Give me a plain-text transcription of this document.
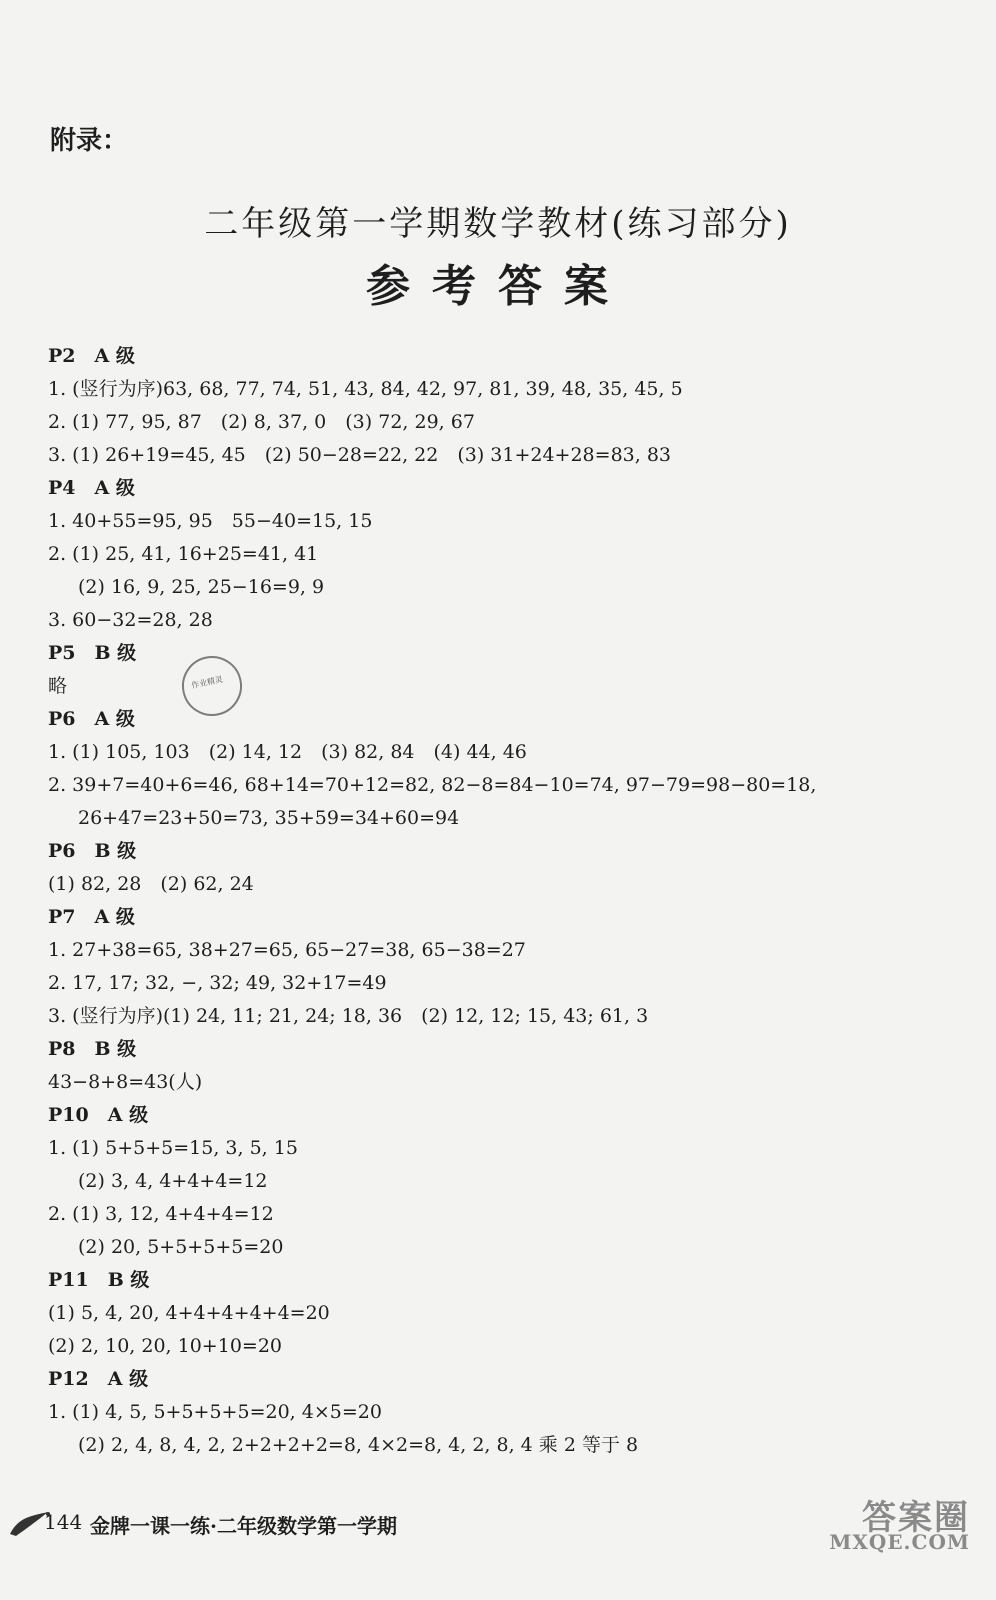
附录：
二年级第一学期数学教材(练习部分)
参考答案
P2　A 级
1. (竖行为序)63, 68, 77, 74, 51, 43, 84, 42, 97, 81, 39, 48, 35, 45, 5
2. (1) 77, 95, 87　(2) 8, 37, 0　(3) 72, 29, 67
3. (1) 26+19=45, 45　(2) 50−28=22, 22　(3) 31+24+28=83, 83
P4　A 级
1. 40+55=95, 95　55−40=15, 15
2. (1) 25, 41, 16+25=41, 41
(2) 16, 9, 25, 25−16=9, 9
3. 60−32=28, 28
P5　B 级
略
P6　A 级
1. (1) 105, 103　(2) 14, 12　(3) 82, 84　(4) 44, 46
2. 39+7=40+6=46, 68+14=70+12=82, 82−8=84−10=74, 97−79=98−80=18,
26+47=23+50=73, 35+59=34+60=94
P6　B 级
(1) 82, 28　(2) 62, 24
P7　A 级
1. 27+38=65, 38+27=65, 65−27=38, 65−38=27
2. 17, 17; 32, −, 32; 49, 32+17=49
3. (竖行为序)(1) 24, 11; 21, 24; 18, 36　(2) 12, 12; 15, 43; 61, 3
P8　B 级
43−8+8=43(人)
P10　A 级
1. (1) 5+5+5=15, 3, 5, 15
(2) 3, 4, 4+4+4=12
2. (1) 3, 12, 4+4+4=12
(2) 20, 5+5+5+5=20
P11　B 级
(1) 5, 4, 20, 4+4+4+4+4=20
(2) 2, 10, 20, 10+10=20
P12　A 级
1. (1) 4, 5, 5+5+5+5=20, 4×5=20
(2) 2, 4, 8, 4, 2, 2+2+2+2=8, 4×2=8, 4, 2, 8, 4 乘 2 等于 8
作业精灵
144 金牌一课一练·二年级数学第一学期	答案圈
MXQE.COM
